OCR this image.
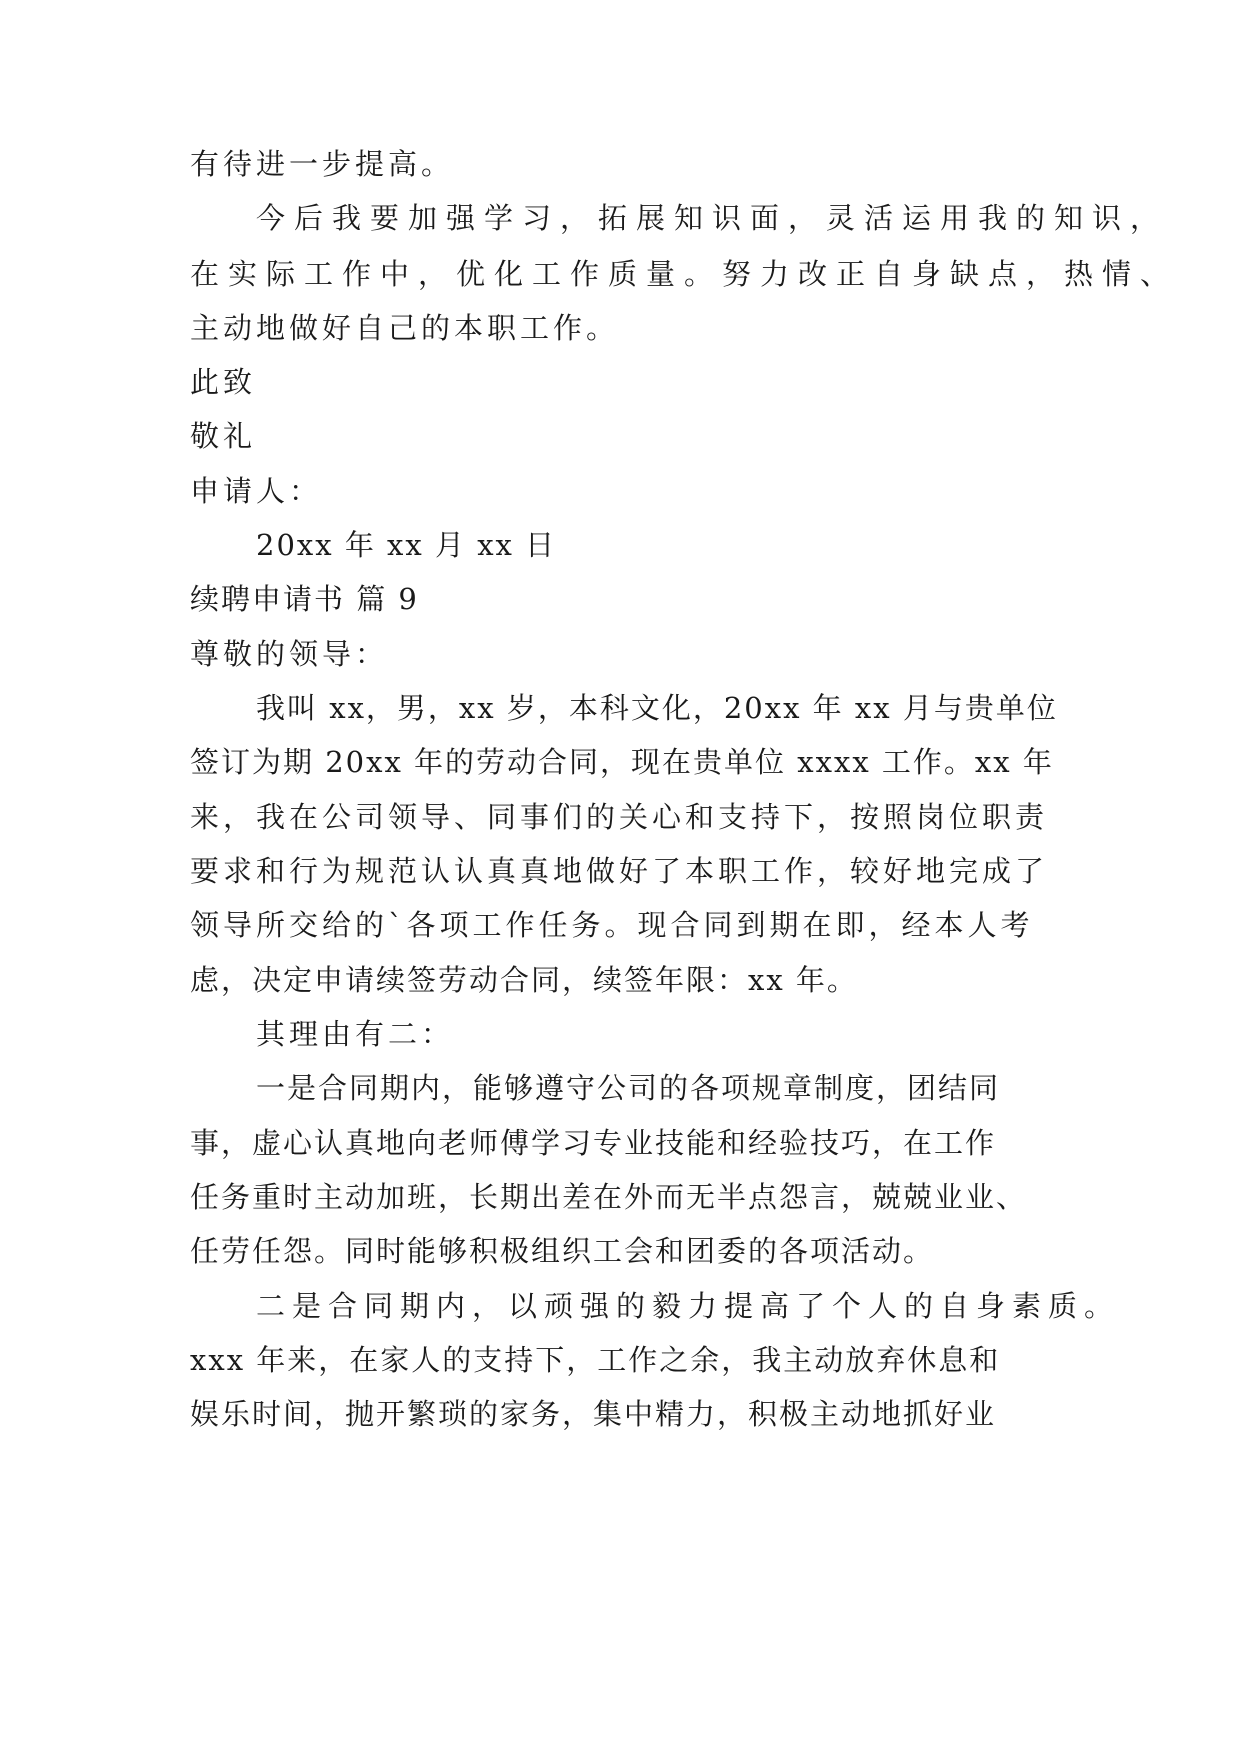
有待进一步提高。
今后我要加强学习，拓展知识面，灵活运用我的知识，
在实际工作中，优化工作质量。努力改正自身缺点，热情、
主动地做好自己的本职工作。
此致
敬礼
申请人：
20xx 年 xx 月 xx 日
续聘申请书 篇 9
尊敬的领导：
我叫 xx，男，xx 岁，本科文化，20xx 年 xx 月与贵单位
签订为期 20xx 年的劳动合同，现在贵单位 xxxx 工作。xx 年
来，我在公司领导、同事们的关心和支持下，按照岗位职责
要求和行为规范认认真真地做好了本职工作，较好地完成了
领导所交给的`各项工作任务。现合同到期在即，经本人考
虑，决定申请续签劳动合同，续签年限：xx 年。
其理由有二：
一是合同期内，能够遵守公司的各项规章制度，团结同
事，虚心认真地向老师傅学习专业技能和经验技巧，在工作
任务重时主动加班，长期出差在外而无半点怨言，兢兢业业、
任劳任怨。同时能够积极组织工会和团委的各项活动。
二是合同期内，以顽强的毅力提高了个人的自身素质。
xxx 年来，在家人的支持下，工作之余，我主动放弃休息和
娱乐时间，抛开繁琐的家务，集中精力，积极主动地抓好业
